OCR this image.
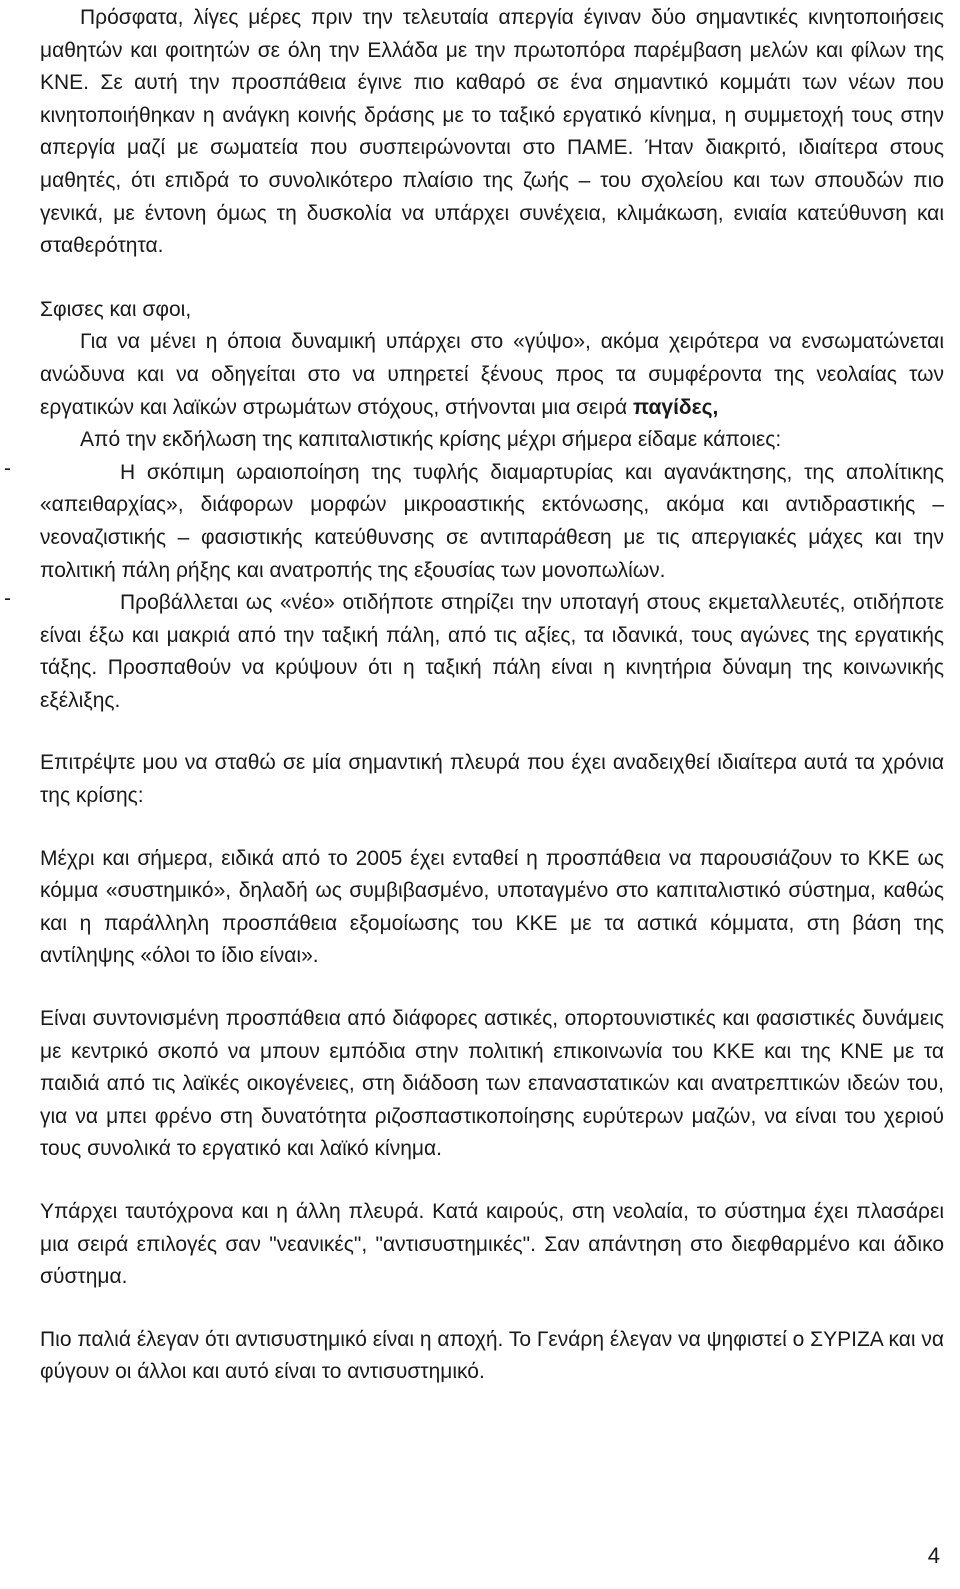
Πρόσφατα, λίγες μέρες πριν την τελευταία απεργία έγιναν δύο σημαντικές κινητοποιήσεις μαθητών και φοιτητών σε όλη την Ελλάδα με την πρωτοπόρα παρέμβαση μελών και φίλων της ΚΝΕ. Σε αυτή την προσπάθεια έγινε πιο καθαρό σε ένα σημαντικό κομμάτι των νέων που κινητοποιήθηκαν η ανάγκη κοινής δράσης με το ταξικό εργατικό κίνημα, η συμμετοχή τους στην απεργία μαζί με σωματεία που συσπειρώνονται στο ΠΑΜΕ. Ήταν διακριτό, ιδιαίτερα στους μαθητές, ότι επιδρά το συνολικότερο πλαίσιο της ζωής – του σχολείου και των σπουδών πιο γενικά, με έντονη όμως τη δυσκολία να υπάρχει συνέχεια, κλιμάκωση, ενιαία κατεύθυνση και σταθερότητα.

Σφισες και σφοι,

Για να μένει η όποια δυναμική υπάρχει στο «γύψο», ακόμα χειρότερα να ενσωματώνεται ανώδυνα και να οδηγείται στο να υπηρετεί ξένους προς τα συμφέροντα της νεολαίας των εργατικών και λαϊκών στρωμάτων στόχους, στήνονται μια σειρά παγίδες,

Από την εκδήλωση της καπιταλιστικής κρίσης μέχρι σήμερα είδαμε κάποιες:

-	Η σκόπιμη ωραιοποίηση της τυφλής διαμαρτυρίας και αγανάκτησης, της απολίτικης «απειθαρχίας», διάφορων μορφών μικροαστικής εκτόνωσης, ακόμα και αντιδραστικής – νεοναζιστικής – φασιστικής κατεύθυνσης σε αντιπαράθεση με τις απεργιακές μάχες και την πολιτική πάλη ρήξης και ανατροπής της εξουσίας των μονοπωλίων.

-	Προβάλλεται ως «νέο» οτιδήποτε στηρίζει την υποταγή στους εκμεταλλευτές, οτιδήποτε είναι έξω και μακριά από την ταξική πάλη, από τις αξίες, τα ιδανικά, τους αγώνες της εργατικής τάξης. Προσπαθούν να κρύψουν ότι η ταξική πάλη είναι η κινητήρια δύναμη της κοινωνικής εξέλιξης.

Επιτρέψτε μου να σταθώ σε μία σημαντική πλευρά που έχει αναδειχθεί ιδιαίτερα αυτά τα χρόνια της κρίσης:

Μέχρι και σήμερα, ειδικά από το 2005 έχει ενταθεί η προσπάθεια να παρουσιάζουν το ΚΚΕ ως κόμμα «συστημικό», δηλαδή ως συμβιβασμένο, υποταγμένο στο καπιταλιστικό σύστημα, καθώς και η παράλληλη προσπάθεια εξομοίωσης του ΚΚΕ με τα αστικά κόμματα, στη βάση της αντίληψης «όλοι το ίδιο είναι».

Είναι συντονισμένη προσπάθεια από διάφορες αστικές, οπορτουνιστικές και φασιστικές δυνάμεις με κεντρικό σκοπό να μπουν εμπόδια στην πολιτική επικοινωνία του ΚΚΕ και της ΚΝΕ με τα παιδιά από τις λαϊκές οικογένειες, στη διάδοση των επαναστατικών και ανατρεπτικών ιδεών του, για να μπει φρένο στη δυνατότητα ριζοσπαστικοποίησης ευρύτερων μαζών, να είναι του χεριού τους συνολικά το εργατικό και λαϊκό κίνημα.

Υπάρχει ταυτόχρονα και η άλλη πλευρά. Κατά καιρούς, στη νεολαία, το σύστημα έχει πλασάρει μια σειρά επιλογές σαν "νεανικές", "αντισυστημικές". Σαν απάντηση στο διεφθαρμένο και άδικο σύστημα.

Πιο παλιά έλεγαν ότι αντισυστημικό είναι η αποχή. Το Γενάρη έλεγαν να ψηφιστεί ο ΣΥΡΙΖΑ και να φύγουν οι άλλοι και αυτό είναι το αντισυστημικό.

4
